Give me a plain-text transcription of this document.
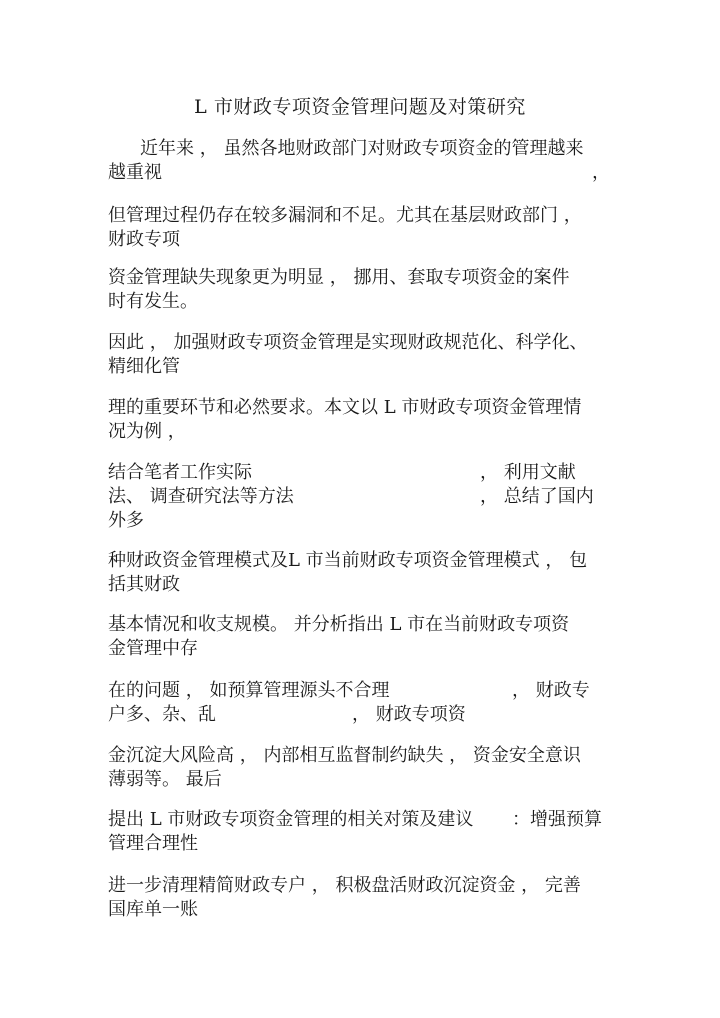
L 市财政专项资金管理问题及对策研究
近年来 ， 虽然各地财政部门对财政专项资金的管理越来
越重视	，
但管理过程仍存在较多漏洞和不足。尤其在基层财政部门 ，
财政专项
资金管理缺失现象更为明显 ， 挪用、套取专项资金的案件
时有发生。
因此 ， 加强财政专项资金管理是实现财政规范化、科学化、
精细化管
理的重要环节和必然要求。本文以 L 市财政专项资金管理情
况为例 ，
结合笔者工作实际	， 利用文献
法、 调查研究法等方法	， 总结了国内
外多
种财政资金管理模式及L 市当前财政专项资金管理模式 ， 包
括其财政
基本情况和收支规模。 并分析指出 L 市在当前财政专项资
金管理中存
在的问题 ， 如预算管理源头不合理	， 财政专
户多、杂、乱	， 财政专项资
金沉淀大风险高 ， 内部相互监督制约缺失 ， 资金安全意识
薄弱等。 最后
提出 L 市财政专项资金管理的相关对策及建议	：增强预算
管理合理性
进一步清理精简财政专户 ， 积极盘活财政沉淀资金 ， 完善
国库单一账
